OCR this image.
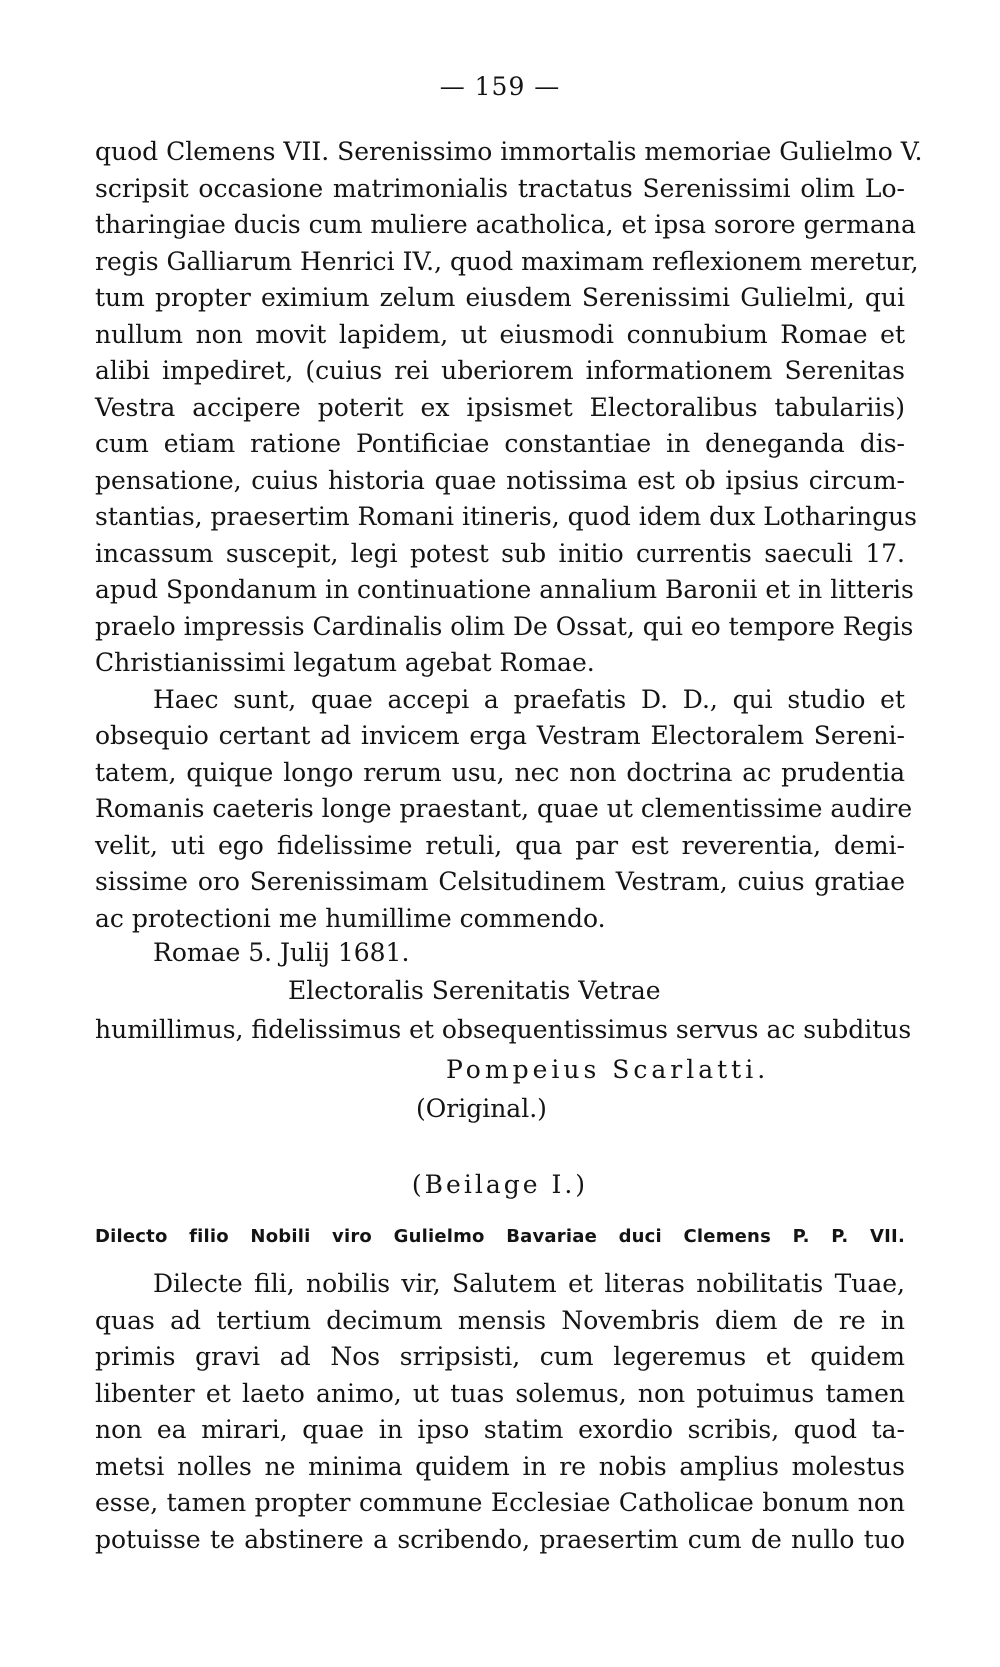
— 159 —
quod Clemens VII. Serenissimo immortalis memoriae Gulielmo V.
scripsit occasione matrimonialis tractatus Serenissimi olim Lo-
tharingiae ducis cum muliere acatholica, et ipsa sorore germana
regis Galliarum Henrici IV., quod maximam reflexionem meretur,
tum propter eximium zelum eiusdem Serenissimi Gulielmi, qui
nullum non movit lapidem, ut eiusmodi connubium Romae et
alibi impediret, (cuius rei uberiorem informationem Serenitas
Vestra accipere poterit ex ipsismet Electoralibus tabulariis)
cum etiam ratione Pontificiae constantiae in deneganda dis-
pensatione, cuius historia quae notissima est ob ipsius circum-
stantias, praesertim Romani itineris, quod idem dux Lotharingus
incassum suscepit, legi potest sub initio currentis saeculi 17.
apud Spondanum in continuatione annalium Baronii et in litteris
praelo impressis Cardinalis olim De Ossat, qui eo tempore Regis
Christianissimi legatum agebat Romae.
Haec sunt, quae accepi a praefatis D. D., qui studio et
obsequio certant ad invicem erga Vestram Electoralem Sereni-
tatem, quique longo rerum usu, nec non doctrina ac prudentia
Romanis caeteris longe praestant, quae ut clementissime audire
velit, uti ego fidelissime retuli, qua par est reverentia, demi-
sissime oro Serenissimam Celsitudinem Vestram, cuius gratiae
ac protectioni me humillime commendo.
Romae 5. Julij 1681.
Electoralis Serenitatis Vetrae
humillimus, fidelissimus et obsequentissimus servus ac subditus
Pompeius Scarlatti.
(Original.)
(Beilage I.)
Dilecto filio Nobili viro Gulielmo Bavariae duci Clemens P. P. VII.
Dilecte fili, nobilis vir, Salutem et literas nobilitatis Tuae,
quas ad tertium decimum mensis Novembris diem de re in
primis gravi ad Nos srripsisti, cum legeremus et quidem
libenter et laeto animo, ut tuas solemus, non potuimus tamen
non ea mirari, quae in ipso statim exordio scribis, quod ta-
metsi nolles ne minima quidem in re nobis amplius molestus
esse, tamen propter commune Ecclesiae Catholicae bonum non
potuisse te abstinere a scribendo, praesertim cum de nullo tuo
